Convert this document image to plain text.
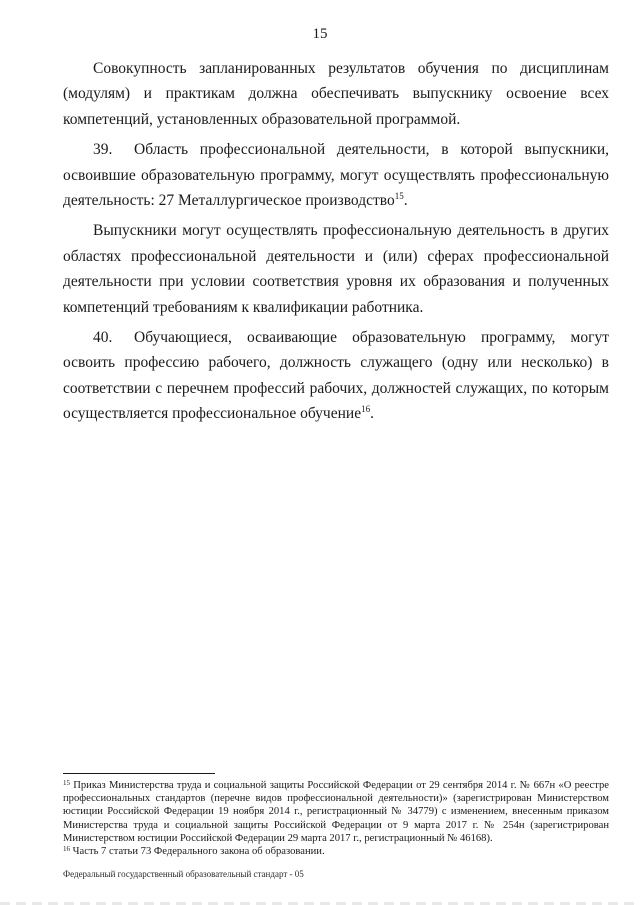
15

Совокупность запланированных результатов обучения по дисциплинам (модулям) и практикам должна обеспечивать выпускнику освоение всех компетенций, установленных образовательной программой.

39. Область профессиональной деятельности, в которой выпускники, освоившие образовательную программу, могут осуществлять профессиональную деятельность: 27 Металлургическое производство$^{15}$.

Выпускники могут осуществлять профессиональную деятельность в других областях профессиональной деятельности и (или) сферах профессиональной деятельности при условии соответствия уровня их образования и полученных компетенций требованиям к квалификации работника.

40. Обучающиеся, осваивающие образовательную программу, могут освоить профессию рабочего, должность служащего (одну или несколько) в соответствии с перечнем профессий рабочих, должностей служащих, по которым осуществляется профессиональное обучение$^{16}$.

$^{15}$ Приказ Министерства труда и социальной защиты Российской Федерации от 29 сентября 2014 г. № 667н «О реестре профессиональных стандартов (перечне видов профессиональной деятельности)» (зарегистрирован Министерством юстиции Российской Федерации 19 ноября 2014 г., регистрационный № 34779) с изменением, внесенным приказом Министерства труда и социальной защиты Российской Федерации от 9 марта 2017 г. № 254н (зарегистрирован Министерством юстиции Российской Федерации 29 марта 2017 г., регистрационный № 46168).

$^{16}$ Часть 7 статьи 73 Федерального закона об образовании.

Федеральный государственный образовательный стандарт - 05
